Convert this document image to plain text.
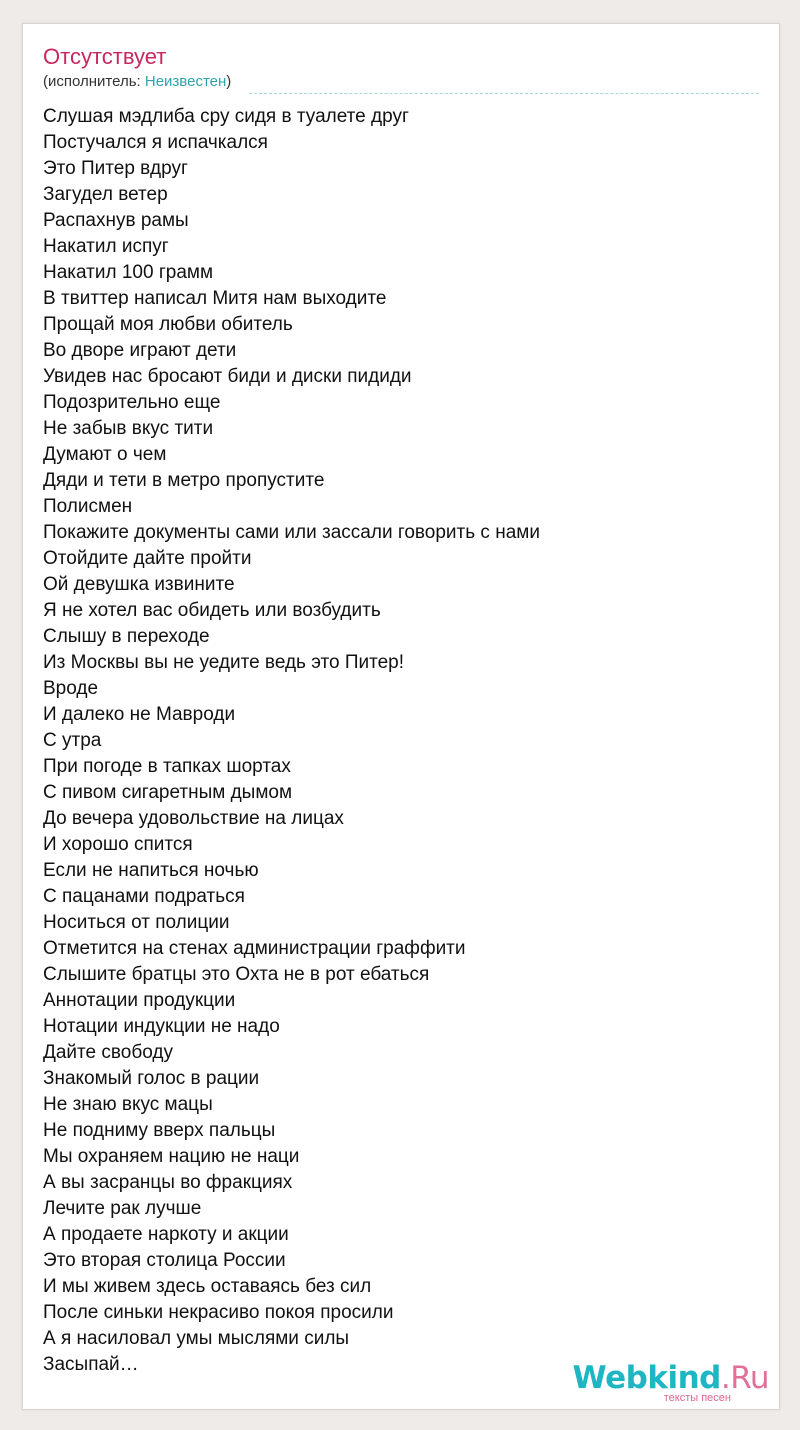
Отсутствует
(исполнитель: Неизвестен)
Слушая мэдлиба сру сидя в туалете друг
Постучался я испачкался
Это Питер вдруг
Загудел ветер
Распахнув рамы
Накатил испуг
Накатил 100 грамм
В твиттер написал Митя нам выходите
Прощай моя любви обитель
Во дворе играют дети
Увидев нас бросают биди и диски пидиди
Подозрительно еще
Не забыв вкус тити
Думают о чем
Дяди и тети в метро пропустите
Полисмен
Покажите документы сами или зассали говорить с нами
Отойдите дайте пройти
Ой девушка извините
Я не хотел вас обидеть или возбудить
Слышу в переходе
Из Москвы вы не уедите ведь это Питер!
Вроде
И далеко не Мавроди
С утра
При погоде в тапках шортах
С пивом сигаретным дымом
До вечера удовольствие на лицах
И хорошо спится
Если не напиться ночью
С пацанами подраться
Носиться от полиции
Отметится на стенах администрации граффити
Слышите братцы это Охта не в рот ебаться
Аннотации продукции
Нотации индукции не надо
Дайте свободу
Знакомый голос в рации
Не знаю вкус мацы
Не подниму вверх пальцы
Мы охраняем нацию не наци
А вы засранцы во фракциях
Лечите рак лучше
А продаете наркоту и акции
Это вторая столица России
И мы живем здесь оставаясь без сил
После синьки некрасиво покоя просили
А я насиловал умы мыслями силы
Засыпай…	Webkind.Ru
тексты песен
